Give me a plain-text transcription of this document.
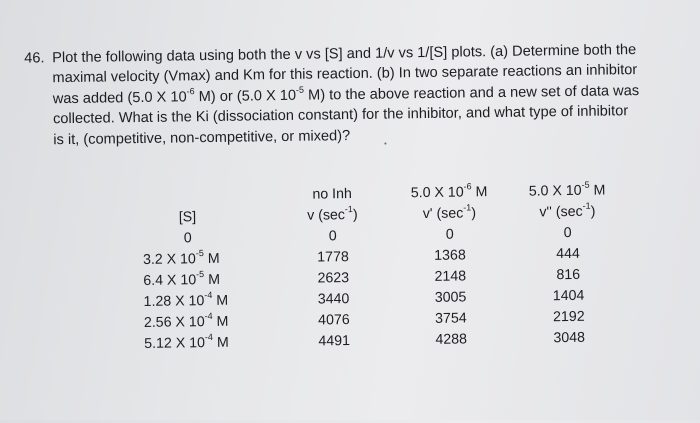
46. Plot the following data using both the v vs [S] and 1/v vs 1/[S] plots. (a) Determine both the

maximal velocity (Vmax) and Km for this reaction. (b) In two separate reactions an inhibitor

was added (5.0 X $10^{-6}$ M) or (5.0 X $10^{-5}$ M) to the above reaction and a new set of data was

collected. What is the Ki (dissociation constant) for the inhibitor, and what type of inhibitor

is it, (competitive, non-competitive, or mixed)?

[S]
0
3.2 X $10^{-5}$ M
6.4 X $10^{-5}$ M
1.28 X $10^{-4}$ M
2.56 X $10^{-4}$ M
5.12 X $10^{-4}$ M
no Inh
v $(\sec^{-1})$
0
1778
2623
3440
4076
4491
5.0 X $10^{-6}$ M
v' $(\sec^{-1})$
0
1368
2148
3005
3754
4288
5.0 X $10^{-5}$ M
v'' $(\sec^{-1})$
0
444
816
1404
2192
3048
